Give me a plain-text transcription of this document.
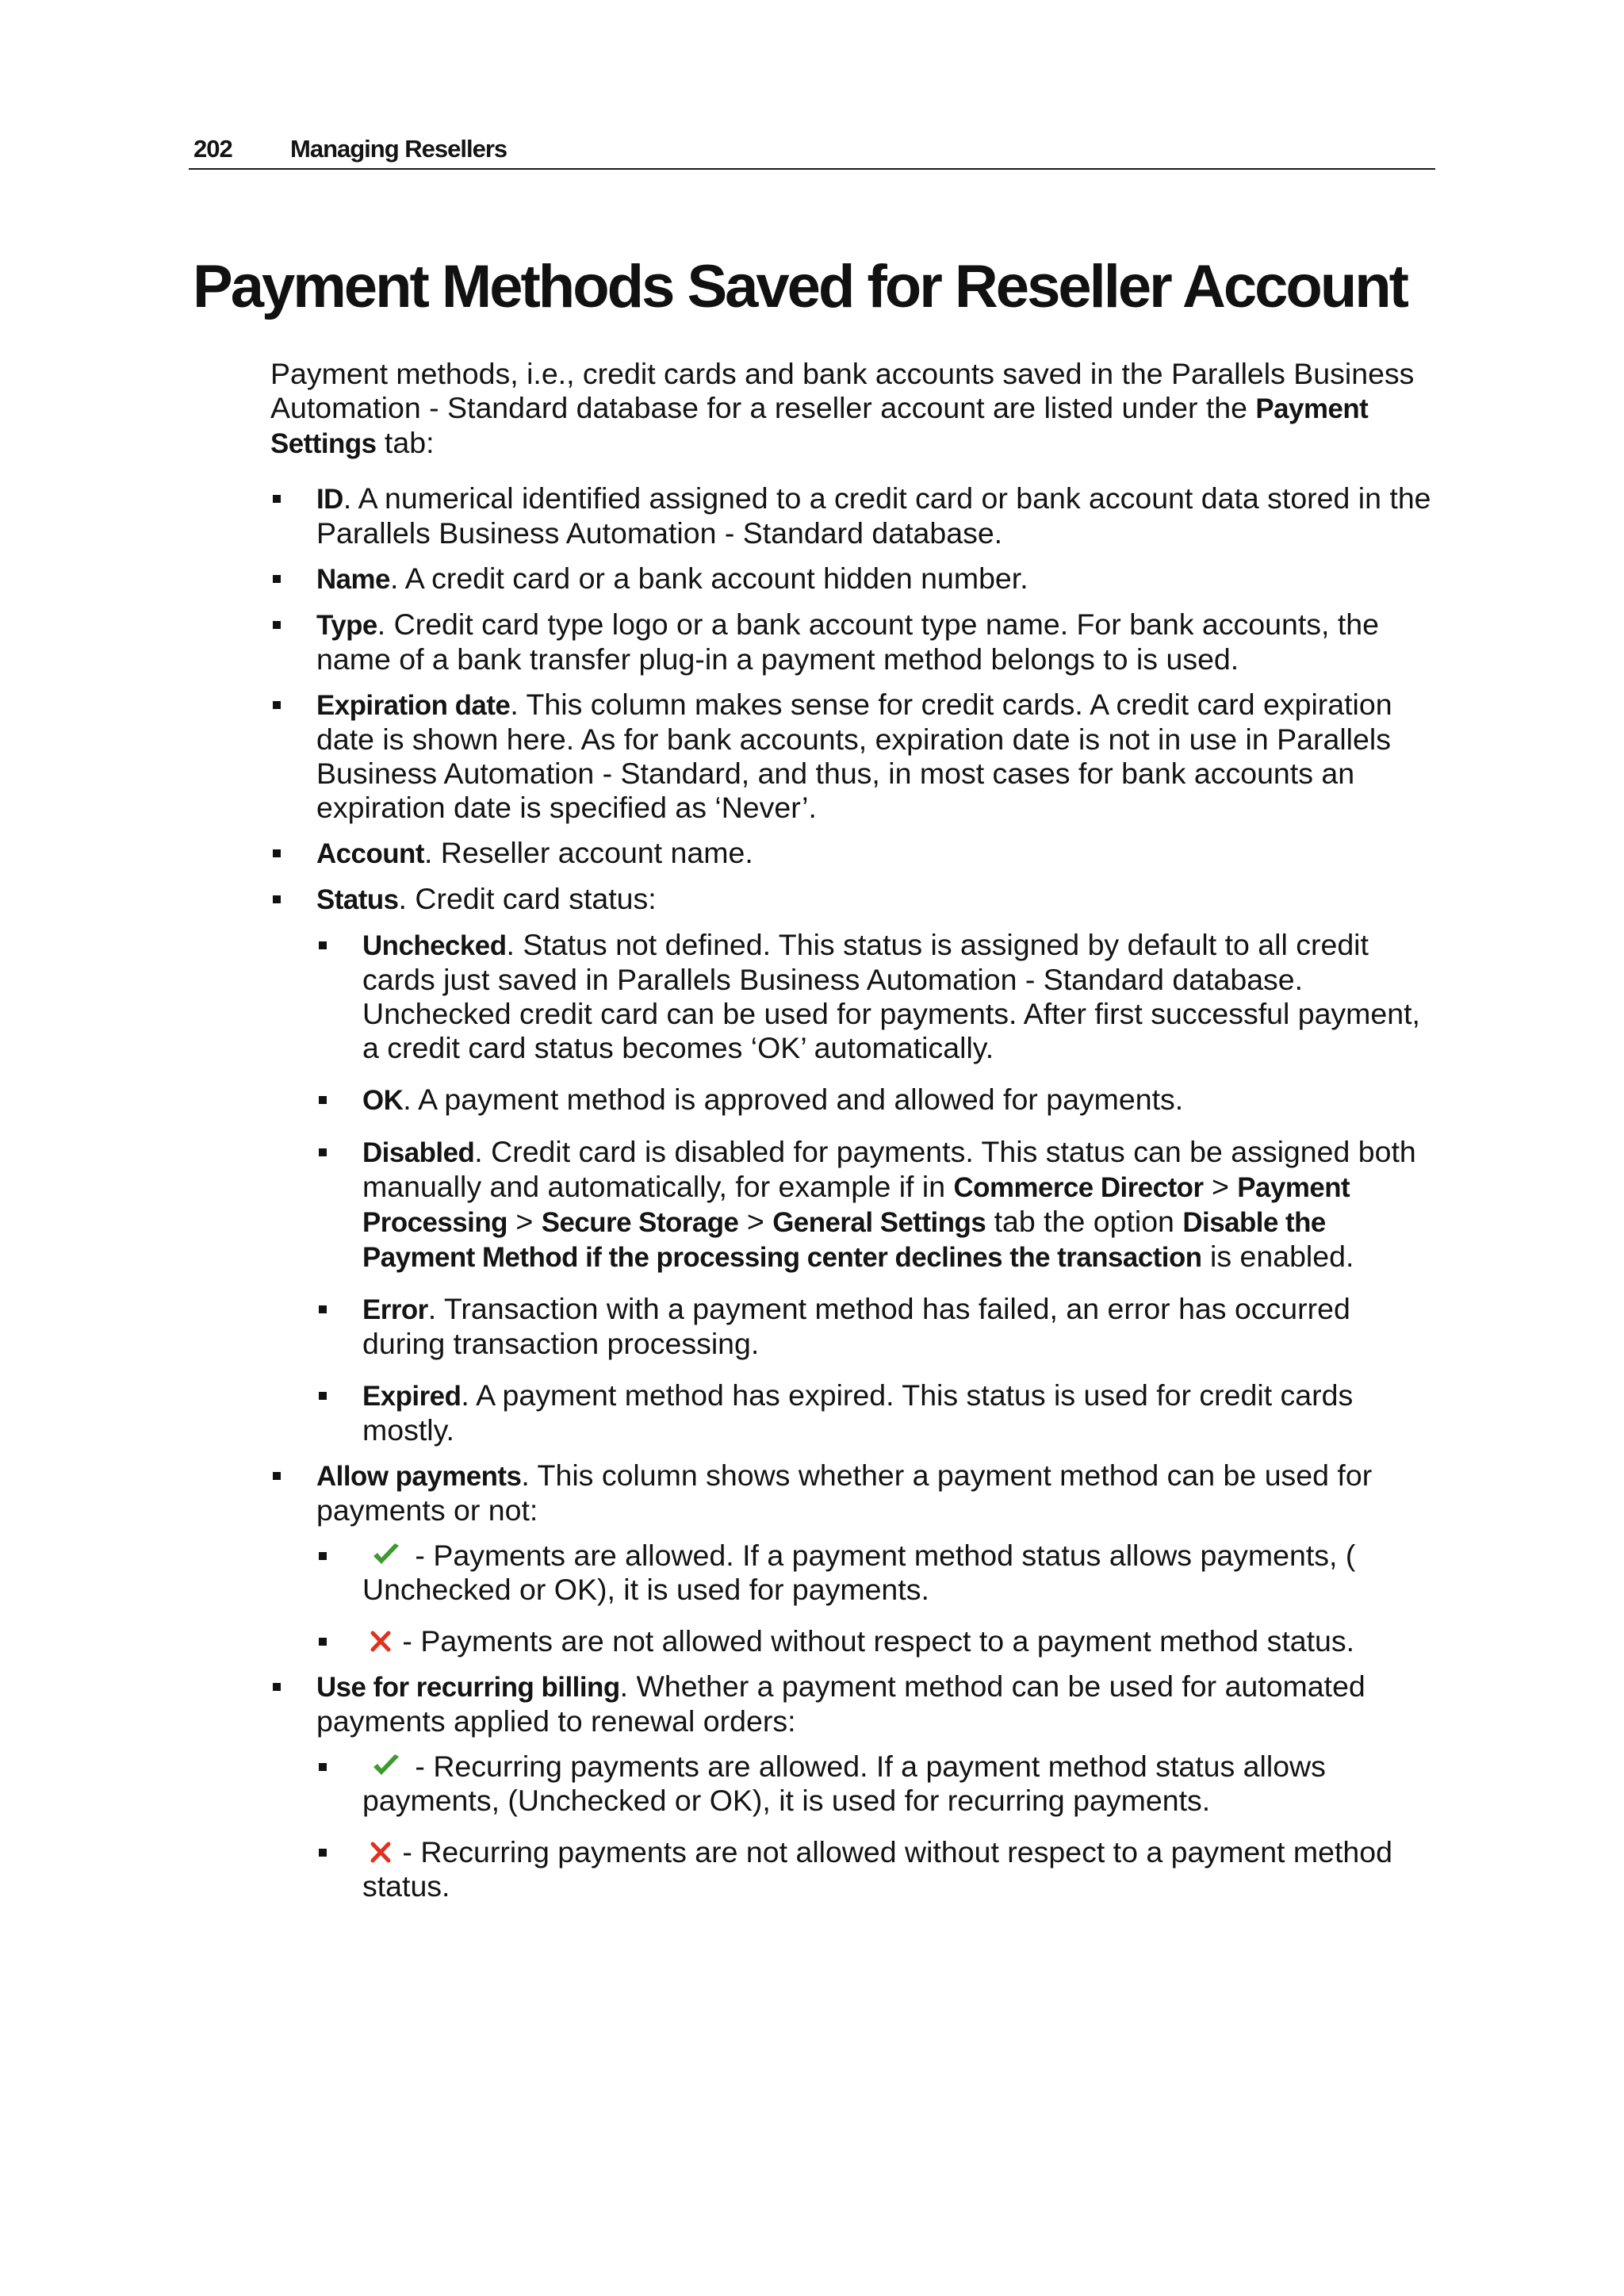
202 Managing Resellers
Payment Methods Saved for Reseller Account

Payment methods, i.e., credit cards and bank accounts saved in the Parallels Business Automation - Standard database for a reseller account are listed under the Payment Settings tab:

ID. A numerical identified assigned to a credit card or bank account data stored in the Parallels Business Automation - Standard database.
Name. A credit card or a bank account hidden number.
Type. Credit card type logo or a bank account type name. For bank accounts, the name of a bank transfer plug-in a payment method belongs to is used.
Expiration date. This column makes sense for credit cards. A credit card expiration date is shown here. As for bank accounts, expiration date is not in use in Parallels Business Automation - Standard, and thus, in most cases for bank accounts an expiration date is specified as ‘Never’.
Account. Reseller account name.
Status. Credit card status:
Unchecked. Status not defined. This status is assigned by default to all credit cards just saved in Parallels Business Automation - Standard database. Unchecked credit card can be used for payments. After first successful payment, a credit card status becomes ‘OK’ automatically.
OK. A payment method is approved and allowed for payments.
Disabled. Credit card is disabled for payments. This status can be assigned both manually and automatically, for example if in Commerce Director > Payment Processing > Secure Storage > General Settings tab the option Disable the Payment Method if the processing center declines the transaction is enabled.
Error. Transaction with a payment method has failed, an error has occurred during transaction processing.
Expired. A payment method has expired. This status is used for credit cards mostly.
Allow payments. This column shows whether a payment method can be used for payments or not:
- Payments are allowed. If a payment method status allows payments, ( Unchecked or OK), it is used for payments.
- Payments are not allowed without respect to a payment method status.
Use for recurring billing. Whether a payment method can be used for automated payments applied to renewal orders:
- Recurring payments are allowed. If a payment method status allows payments, (Unchecked or OK), it is used for recurring payments.
- Recurring payments are not allowed without respect to a payment method status.
